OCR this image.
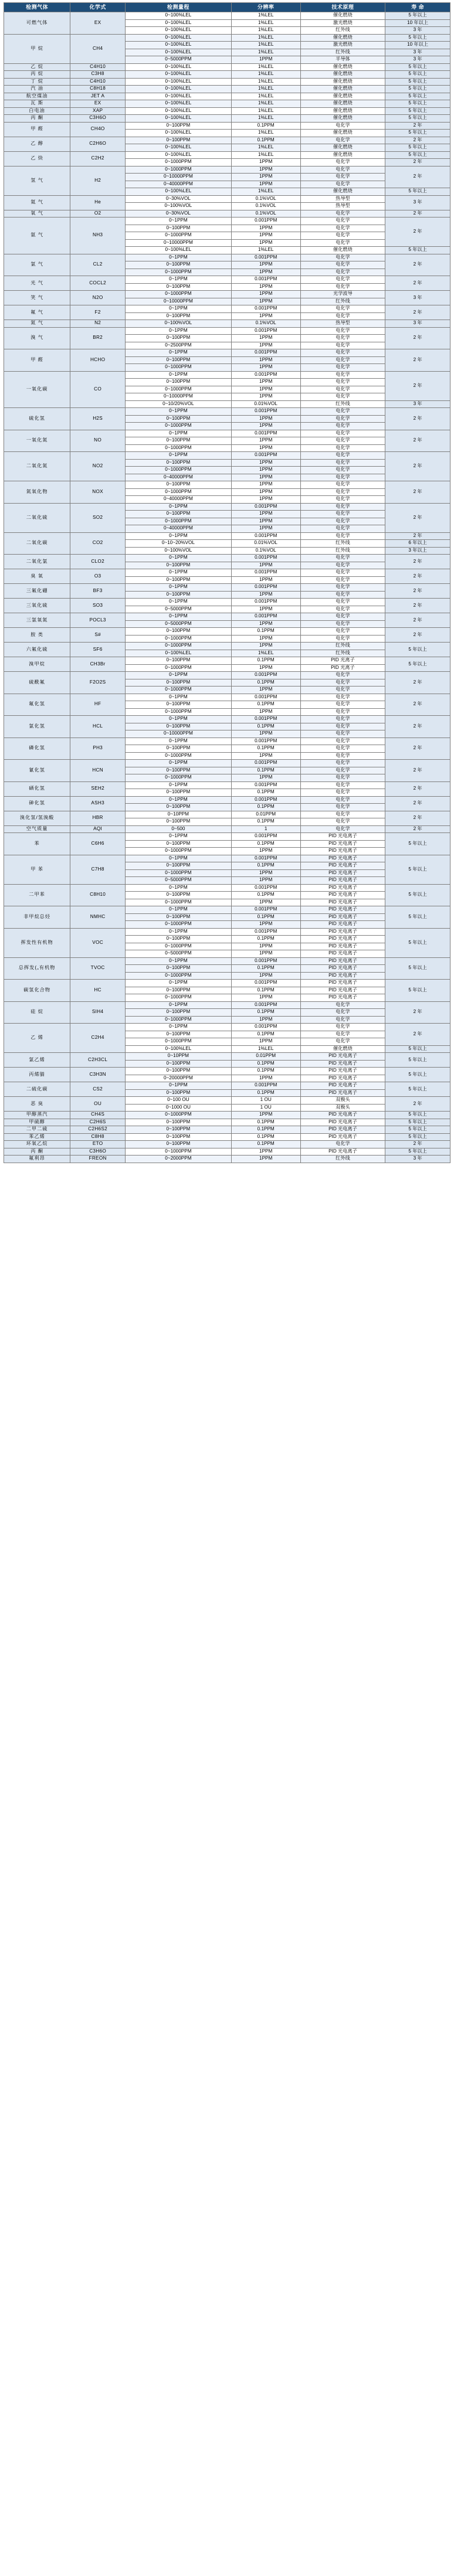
检测气体	化学式	检测量程	分辨率	技术原理	寿 命
可燃气体	EX	0~100%LEL	1%LEL	催化燃烧	5 年以上
		0~100%LEL	1%LEL	激光燃烧	10 年以上
		0~100%LEL	1%LEL	红外线	3 年
甲 烷	CH4	0~100%LEL	1%LEL	催化燃烧	5 年以上
		0~100%LEL	1%LEL	激光燃烧	10 年以上
		0~100%LEL	1%LEL	红外线	3 年
		0~5000PPM	1PPM	半导体	3 年
乙 烷	C4H10	0~100%LEL	1%LEL	催化燃烧	5 年以上
丙 烷	C3H8	0~100%LEL	1%LEL	催化燃烧	5 年以上
丁 烷	C4H10	0~100%LEL	1%LEL	催化燃烧	5 年以上
汽 油	C8H18	0~100%LEL	1%LEL	催化燃烧	5 年以上
航空煤油	JET A	0~100%LEL	1%LEL	催化燃烧	5 年以上
瓦 斯	EX	0~100%LEL	1%LEL	催化燃烧	5 年以上
白电油	XAP	0~100%LEL	1%LEL	催化燃烧	5 年以上
丙 酮	C3H6O	0~100%LEL	1%LEL	催化燃烧	5 年以上
甲 醛	CH4O	0~100PPM	0.1PPM	电化学	2 年
		0~100%LEL	1%LEL	催化燃烧	5 年以上
乙 醇	C2H6O	0~100PPM	0.1PPM	电化学	2 年
		0~100%LEL	1%LEL	催化燃烧	5 年以上
乙 炔	C2H2	0~100%LEL	1%LEL	催化燃烧	5 年以上
		0~1000PPM	1PPM	电化学	2 年
氢 气	H2	0~1000PPM	1PPM	电化学	2 年
		0~10000PPM	1PPM	电化学	
		0~40000PPM	1PPM	电化学	
		0~100%LEL	1%LEL	催化燃烧	5 年以上
氦 气	He	0~30%VOL	0.1%VOL	热导型	3 年
		0~100%VOL	0.1%VOL	热导型	
氧 气	O2	0~30%VOL	0.1%VOL	电化学	2 年
氨 气	NH3	0~1PPM	0.001PPM	电化学	2 年
		0~100PPM	1PPM	电化学	
		0~1000PPM	1PPM	电化学	
		0~10000PPM	1PPM	电化学	
		0~100%LEL	1%LEL	催化燃烧	5 年以上
氯 气	CL2	0~1PPM	0.001PPM	电化学	2 年
		0~100PPM	1PPM	电化学	
		0~1000PPM	1PPM	电化学	
光 气	COCL2	0~1PPM	0.001PPM	电化学	2 年
		0~100PPM	1PPM	电化学	
笑 气	N2O	0~1000PPM	1PPM	光学波导	3 年
		0~10000PPM	1PPM	红外线	
氟 气	F2	0~1PPM	0.001PPM	电化学	2 年
		0~100PPM	1PPM	电化学	
氮 气	N2	0~100%VOL	0.1%VOL	热导型	3 年
溴 气	BR2	0~1PPM	0.001PPM	电化学	2 年
		0~100PPM	1PPM	电化学	
		0~2500PPM	1PPM	电化学	
甲 醛	HCHO	0~1PPM	0.001PPM	电化学	2 年
		0~100PPM	1PPM	电化学	
		0~1000PPM	1PPM	电化学	
一氧化碳	CO	0~1PPM	0.001PPM	电化学	2 年
		0~100PPM	1PPM	电化学	
		0~1000PPM	1PPM	电化学	
		0~10000PPM	1PPM	电化学	
		0~10/20%VOL	0.01%VOL	红外线	3 年
硫化氢	H2S	0~1PPM	0.001PPM	电化学	2 年
		0~100PPM	1PPM	电化学	
		0~1000PPM	1PPM	电化学	
一氧化氮	NO	0~1PPM	0.001PPM	电化学	2 年
		0~100PPM	1PPM	电化学	
		0~1000PPM	1PPM	电化学	
二氧化氮	NO2	0~1PPM	0.001PPM	电化学	2 年
		0~100PPM	1PPM	电化学	
		0~1000PPM	1PPM	电化学	
		0~40000PPM	1PPM	电化学	
氮氧化物	NOX	0~100PPM	1PPM	电化学	2 年
		0~1000PPM	1PPM	电化学	
		0~40000PPM	1PPM	电化学	
二氧化硫	SO2	0~1PPM	0.001PPM	电化学	2 年
		0~100PPM	1PPM	电化学	
		0~1000PPM	1PPM	电化学	
		0~40000PPM	1PPM	电化学	
二氧化碳	CO2	0~1PPM	0.001PPM	电化学	2 年
		0~10~20%VOL	0.01%VOL	红外线	6 年以上
		0~100%VOL	0.1%VOL	红外线	3 年以上
二氧化氯	CLO2	0~1PPM	0.001PPM	电化学	2 年
		0~100PPM	1PPM	电化学	
臭 氧	O3	0~1PPM	0.001PPM	电化学	2 年
		0~100PPM	1PPM	电化学	
三氟化硼	BF3	0~1PPM	0.001PPM	电化学	2 年
		0~100PPM	1PPM	电化学	
三氧化硫	SO3	0~1PPM	0.001PPM	电化学	2 年
		0~5000PPM	1PPM	电化学	
三氯氧氮	POCL3	0~1PPM	0.001PPM	电化学	2 年
		0~5000PPM	1PPM	电化学	
胺 类	S#	0~100PPM	0.1PPM	电化学	2 年
		0~1000PPM	1PPM	电化学	
六氟化硫	SF6	0~1000PPM	1PPM	红外线	5 年以上
		0~100%LEL	1%LEL	红外线	
溴甲烷	CH3Br	0~100PPM	0.1PPM	PID 光离子	5 年以上
		0~1000PPM	1PPM	PID 光离子	
硫酰氟	F2O2S	0~1PPM	0.001PPM	电化学	2 年
		0~100PPM	0.1PPM	电化学	
		0~1000PPM	1PPM	电化学	
氟化氢	HF	0~1PPM	0.001PPM	电化学	2 年
		0~100PPM	0.1PPM	电化学	
		0~1000PPM	1PPM	电化学	
氯化氢	HCL	0~1PPM	0.001PPM	电化学	2 年
		0~100PPM	0.1PPM	电化学	
		0~10000PPM	1PPM	电化学	
磷化氢	PH3	0~1PPM	0.001PPM	电化学	2 年
		0~100PPM	0.1PPM	电化学	
		0~1000PPM	1PPM	电化学	
氰化氢	HCN	0~1PPM	0.001PPM	电化学	2 年
		0~100PPM	0.1PPM	电化学	
		0~1000PPM	1PPM	电化学	
硒化氢	SEH2	0~1PPM	0.001PPM	电化学	2 年
		0~100PPM	0.1PPM	电化学	
砷化氢	ASH3	0~1PPM	0.001PPM	电化学	2 年
		0~100PPM	0.1PPM	电化学	
溴化氢/氢溴酸	HBR	0~10PPM	0.01PPM	电化学	2 年
		0~100PPM	0.1PPM	电化学	
空气质量	AQI	0~500	1	电化学	2 年
苯	C6H6	0~1PPM	0.001PPM	PID 光电离子	5 年以上
		0~100PPM	0.1PPM	PID 光电离子	
		0~1000PPM	1PPM	PID 光电离子	
甲 苯	C7H8	0~1PPM	0.001PPM	PID 光电离子	5 年以上
		0~100PPM	0.1PPM	PID 光电离子	
		0~1000PPM	1PPM	PID 光电离子	
		0~5000PPM	1PPM	PID 光电离子	
二甲苯	C8H10	0~1PPM	0.001PPM	PID 光电离子	5 年以上
		0~100PPM	0.1PPM	PID 光电离子	
		0~1000PPM	1PPM	PID 光电离子	
非甲烷总烃	NMHC	0~1PPM	0.001PPM	PID 光电离子	5 年以上
		0~100PPM	0.1PPM	PID 光电离子	
		0~1000PPM	1PPM	PID 光电离子	
挥发性有机物	VOC	0~1PPM	0.001PPM	PID 光电离子	5 年以上
		0~100PPM	0.1PPM	PID 光电离子	
		0~1000PPM	1PPM	PID 光电离子	
		0~5000PPM	1PPM	PID 光电离子	
总挥发(„有机物	TVOC	0~1PPM	0.001PPM	PID 光电离子	5 年以上
		0~100PPM	0.1PPM	PID 光电离子	
		0~1000PPM	1PPM	PID 光电离子	
碳氢化合物	HC	0~1PPM	0.001PPM	PID 光电离子	5 年以上
		0~100PPM	0.1PPM	PID 光电离子	
		0~1000PPM	1PPM	PID 光电离子	
硅 烷	SIH4	0~1PPM	0.001PPM	电化学	2 年
		0~100PPM	0.1PPM	电化学	
		0~1000PPM	1PPM	电化学	
乙 烯	C2H4	0~1PPM	0.001PPM	电化学	2 年
		0~100PPM	0.1PPM	电化学	
		0~1000PPM	1PPM	电化学	
		0~100%LEL	1%LEL	催化燃烧	5 年以上
氯乙烯	C2H3CL	0~10PPM	0.01PPM	PID 光电离子	5 年以上
		0~100PPM	0.1PPM	PID 光电离子	
丙烯腈	C3H3N	0~100PPM	0.1PPM	PID 光电离子	5 年以上
		0~20000PPM	1PPM	PID 光电离子	
二硫化碳	CS2	0~1PPM	0.001PPM	PID 光电离子	5 年以上
		0~100PPM	0.1PPM	PID 光电离子	
恶 臭	OU	0~100 OU	1 OU	双极头	2 年
		0~1000 OU	1 OU	双极头	
甲醇蒸汽	CH4S	0~1000PPM	1PPM	PID 光电离子	5 年以上
甲硫醇	C2H6S	0~100PPM	0.1PPM	PID 光电离子	5 年以上
二甲二硫	C2H6S2	0~100PPM	0.1PPM	PID 光电离子	5 年以上
苯乙烯	C8H8	0~100PPM	0.1PPM	PID 光电离子	5 年以上
环氧乙烷	ETO	0~100PPM	0.1PPM	电化学	2 年
丙 酮	C3H6O	0~1000PPM	1PPM	PID 光电离子	5 年以上
氟利昂	FREON	0~2000PPM	1PPM	红外线	3 年
